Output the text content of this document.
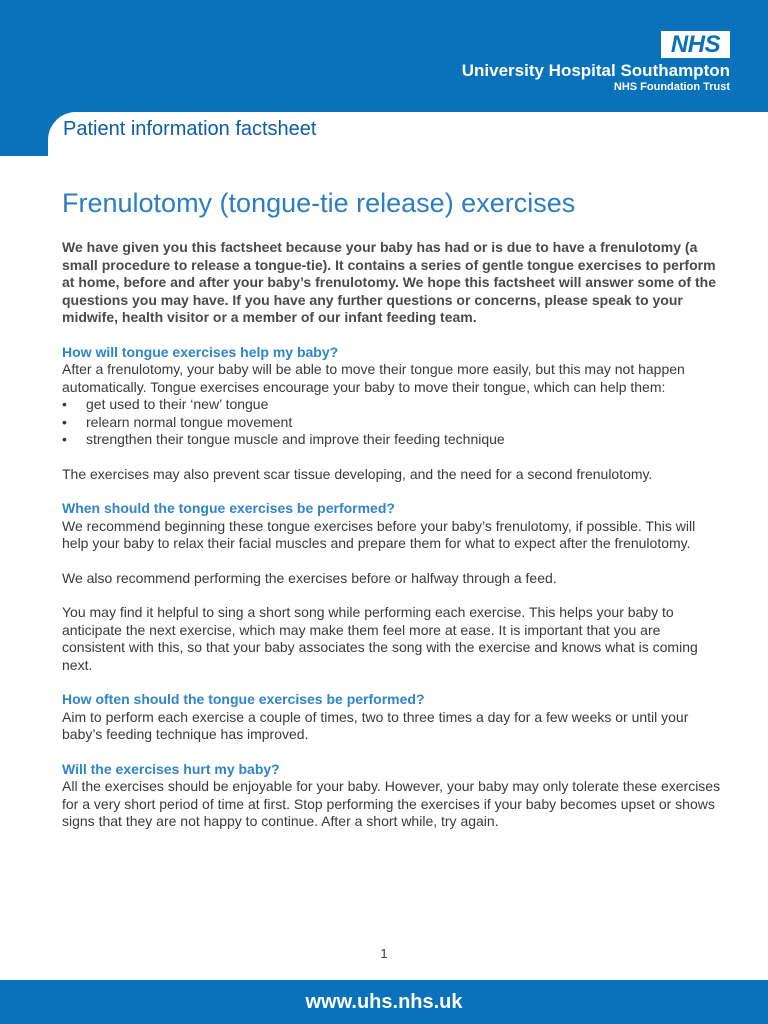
NHS
University Hospital Southampton
NHS Foundation Trust
Patient information factsheet
Frenulotomy (tongue-tie release) exercises

We have given you this factsheet because your baby has had or is due to have a frenulotomy (a small procedure to release a tongue-tie). It contains a series of gentle tongue exercises to perform at home, before and after your baby’s frenulotomy. We hope this factsheet will answer some of the questions you may have. If you have any further questions or concerns, please speak to your midwife, health visitor or a member of our infant feeding team.

How will tongue exercises help my baby?

After a frenulotomy, your baby will be able to move their tongue more easily, but this may not happen automatically. Tongue exercises encourage your baby to move their tongue, which can help them:

• get used to their ‘new’ tongue
• relearn normal tongue movement
• strengthen their tongue muscle and improve their feeding technique

The exercises may also prevent scar tissue developing, and the need for a second frenulotomy.

When should the tongue exercises be performed?

We recommend beginning these tongue exercises before your baby’s frenulotomy, if possible. This will help your baby to relax their facial muscles and prepare them for what to expect after the frenulotomy.

We also recommend performing the exercises before or halfway through a feed.

You may find it helpful to sing a short song while performing each exercise. This helps your baby to anticipate the next exercise, which may make them feel more at ease. It is important that you are consistent with this, so that your baby associates the song with the exercise and knows what is coming next.

How often should the tongue exercises be performed?

Aim to perform each exercise a couple of times, two to three times a day for a few weeks or until your baby’s feeding technique has improved.

Will the exercises hurt my baby?

All the exercises should be enjoyable for your baby. However, your baby may only tolerate these exercises for a very short period of time at first. Stop performing the exercises if your baby becomes upset or shows signs that they are not happy to continue. After a short while, try again.

1
www.uhs.nhs.uk
